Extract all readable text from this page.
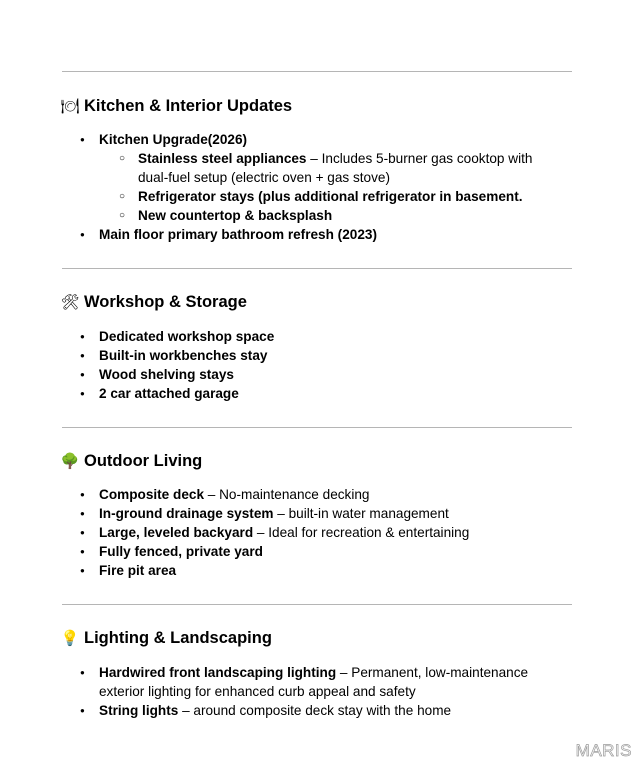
🍽 Kitchen & Interior Updates
● Kitchen Upgrade(2026)
○ Stainless steel appliances – Includes 5-burner gas cooktop with dual-fuel setup (electric oven + gas stove)
○ Refrigerator stays (plus additional refrigerator in basement.
○ New countertop & backsplash
● Main floor primary bathroom refresh (2023)
🛠 Workshop & Storage
● Dedicated workshop space
● Built-in workbenches stay
● Wood shelving stays
● 2 car attached garage
🌳 Outdoor Living
● Composite deck – No-maintenance decking
● In-ground drainage system – built-in water management
● Large, leveled backyard – Ideal for recreation & entertaining
● Fully fenced, private yard
● Fire pit area
💡 Lighting & Landscaping
● Hardwired front landscaping lighting – Permanent, low-maintenance exterior lighting for enhanced curb appeal and safety
● String lights – around composite deck stay with the home
MARIS
